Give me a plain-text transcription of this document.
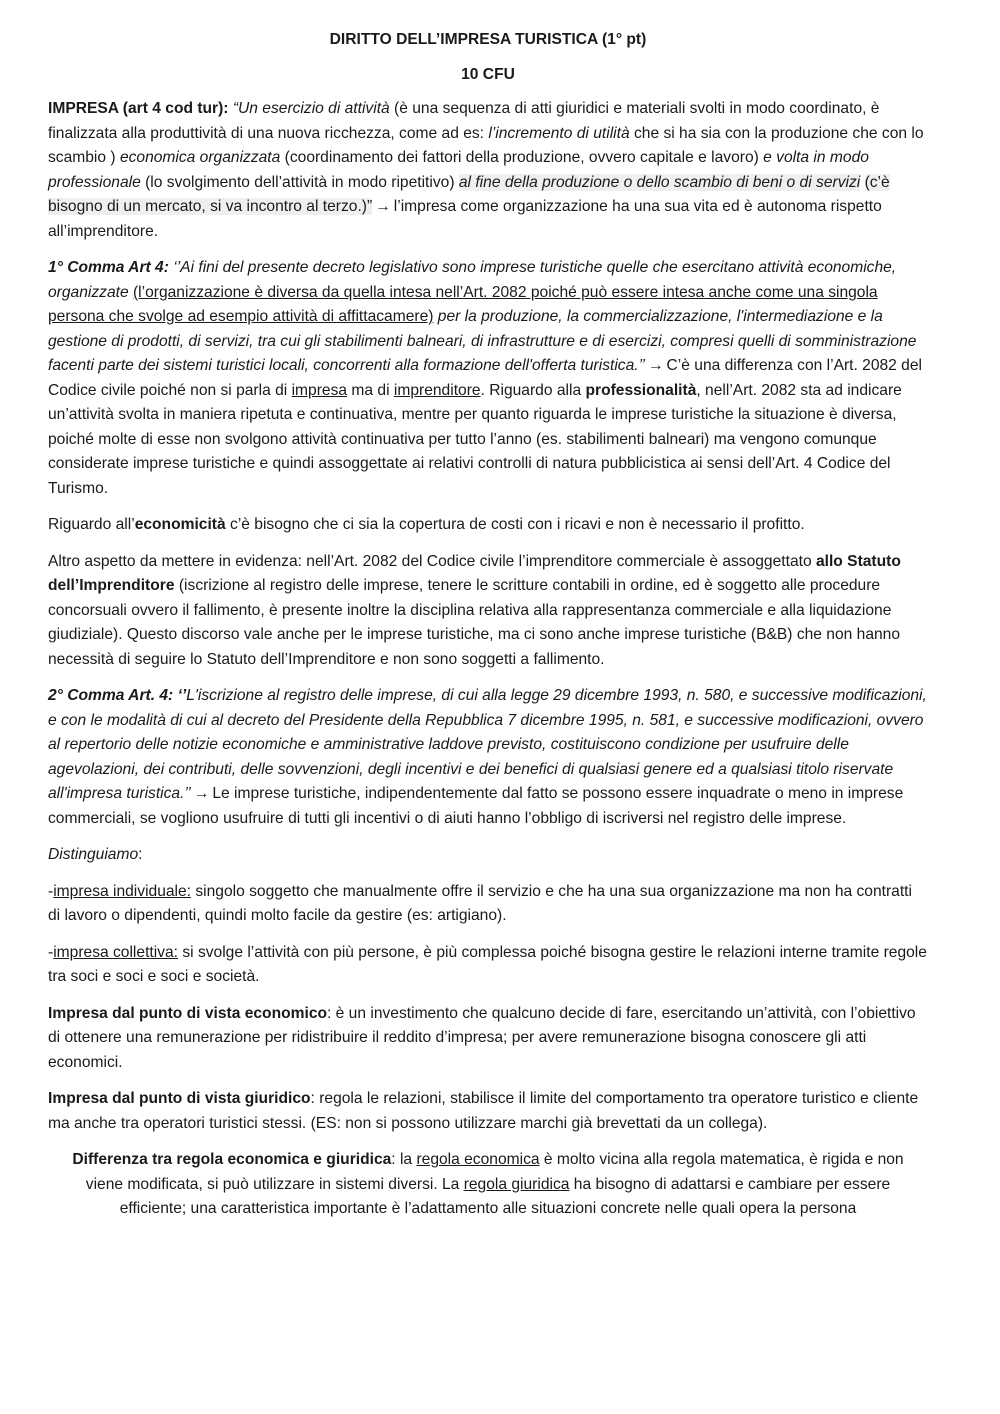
DIRITTO DELL’IMPRESA TURISTICA (1° pt)
10 CFU

IMPRESA (art 4 cod tur): “Un esercizio di attività (è una sequenza di atti giuridici e materiali svolti in modo coordinato, è finalizzata alla produttività di una nuova ricchezza, come ad es: l’incremento di utilità che si ha sia con la produzione che con lo scambio ) economica organizzata (coordinamento dei fattori della produzione, ovvero capitale e lavoro) e volta in modo professionale (lo svolgimento dell’attività in modo ripetitivo) al fine della produzione o dello scambio di beni o di servizi (c’è bisogno di un mercato, si va incontro al terzo.)” → l’impresa come organizzazione ha una sua vita ed è autonoma rispetto all’imprenditore.

1° Comma Art 4: ‘’Ai fini del presente decreto legislativo sono imprese turistiche quelle che esercitano attività economiche, organizzate (l’organizzazione è diversa da quella intesa nell’Art. 2082 poiché può essere intesa anche come una singola persona che svolge ad esempio attività di affittacamere) per la produzione, la commercializzazione, l'intermediazione e la gestione di prodotti, di servizi, tra cui gli stabilimenti balneari, di infrastrutture e di esercizi, compresi quelli di somministrazione facenti parte dei sistemi turistici locali, concorrenti alla formazione dell'offerta turistica.’’ → C’è una differenza con l’Art. 2082 del Codice civile poiché non si parla di impresa ma di imprenditore. Riguardo alla professionalità, nell’Art. 2082 sta ad indicare un’attività svolta in maniera ripetuta e continuativa, mentre per quanto riguarda le imprese turistiche la situazione è diversa, poiché molte di esse non svolgono attività continuativa per tutto l’anno (es. stabilimenti balneari) ma vengono comunque considerate imprese turistiche e quindi assoggettate ai relativi controlli di natura pubblicistica ai sensi dell’Art. 4 Codice del Turismo.

Riguardo all’economicità c’è bisogno che ci sia la copertura de costi con i ricavi e non è necessario il profitto.

Altro aspetto da mettere in evidenza: nell’Art. 2082 del Codice civile l’imprenditore commerciale è assoggettato allo Statuto dell’Imprenditore (iscrizione al registro delle imprese, tenere le scritture contabili in ordine, ed è soggetto alle procedure concorsuali ovvero il fallimento, è presente inoltre la disciplina relativa alla rappresentanza commerciale e alla liquidazione giudiziale). Questo discorso vale anche per le imprese turistiche, ma ci sono anche imprese turistiche (B&B) che non hanno necessità di seguire lo Statuto dell’Imprenditore e non sono soggetti a fallimento.

2° Comma Art. 4: ‘’L'iscrizione al registro delle imprese, di cui alla legge 29 dicembre 1993, n. 580, e successive modificazioni, e con le modalità di cui al decreto del Presidente della Repubblica 7 dicembre 1995, n. 581, e successive modificazioni, ovvero al repertorio delle notizie economiche e amministrative laddove previsto, costituiscono condizione per usufruire delle agevolazioni, dei contributi, delle sovvenzioni, degli incentivi e dei benefici di qualsiasi genere ed a qualsiasi titolo riservate all'impresa turistica.’’ → Le imprese turistiche, indipendentemente dal fatto se possono essere inquadrate o meno in imprese commerciali, se vogliono usufruire di tutti gli incentivi o di aiuti hanno l’obbligo di iscriversi nel registro delle imprese.

Distinguiamo:

-impresa individuale: singolo soggetto che manualmente offre il servizio e che ha una sua organizzazione ma non ha contratti di lavoro o dipendenti, quindi molto facile da gestire (es: artigiano).

-impresa collettiva: si svolge l’attività con più persone, è più complessa poiché bisogna gestire le relazioni interne tramite regole tra soci e soci e soci e società.

Impresa dal punto di vista economico: è un investimento che qualcuno decide di fare, esercitando un’attività, con l’obiettivo di ottenere una remunerazione per ridistribuire il reddito d’impresa; per avere remunerazione bisogna conoscere gli atti economici.

Impresa dal punto di vista giuridico: regola le relazioni, stabilisce il limite del comportamento tra operatore turistico e cliente ma anche tra operatori turistici stessi. (ES: non si possono utilizzare marchi già brevettati da un collega).

Differenza tra regola economica e giuridica: la regola economica è molto vicina alla regola matematica, è rigida e non viene modificata, si può utilizzare in sistemi diversi. La regola giuridica ha bisogno di adattarsi e cambiare per essere efficiente; una caratteristica importante è l’adattamento alle situazioni concrete nelle quali opera la persona
